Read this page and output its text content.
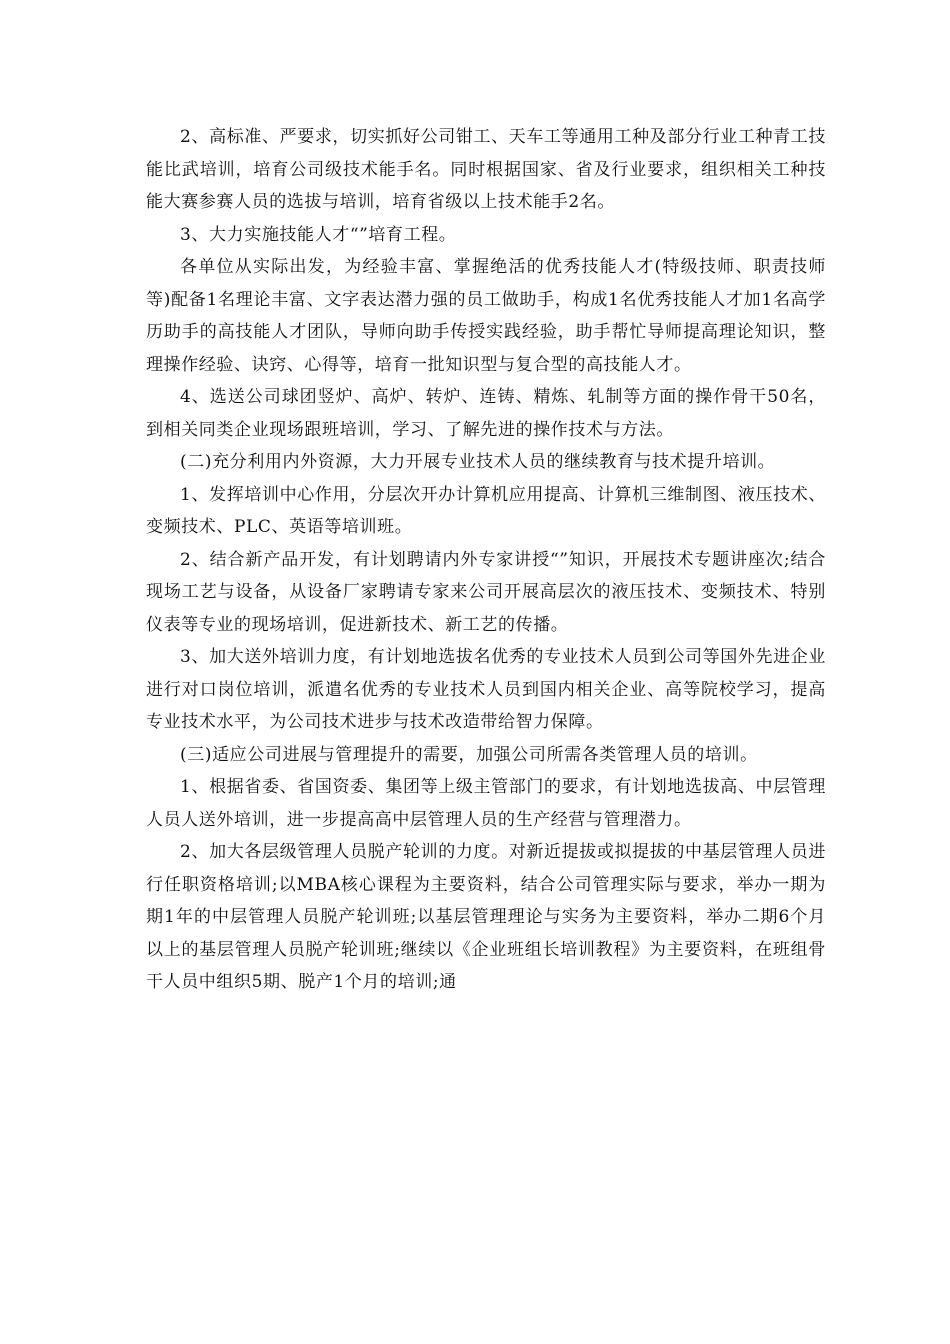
2、高标准、严要求，切实抓好公司钳工、天车工等通用工种及部分行业工种青工技能比武培训，培育公司级技术能手名。同时根据国家、省及行业要求，组织相关工种技能大赛参赛人员的选拔与培训，培育省级以上技术能手2名。

3、大力实施技能人才“”培育工程。

各单位从实际出发，为经验丰富、掌握绝活的优秀技能人才(特级技师、职责技师等)配备1名理论丰富、文字表达潜力强的员工做助手，构成1名优秀技能人才加1名高学历助手的高技能人才团队，导师向助手传授实践经验，助手帮忙导师提高理论知识，整理操作经验、诀窍、心得等，培育一批知识型与复合型的高技能人才。

4、选送公司球团竖炉、高炉、转炉、连铸、精炼、轧制等方面的操作骨干50名，到相关同类企业现场跟班培训，学习、了解先进的操作技术与方法。

(二)充分利用内外资源，大力开展专业技术人员的继续教育与技术提升培训。

1、发挥培训中心作用，分层次开办计算机应用提高、计算机三维制图、液压技术、变频技术、PLC、英语等培训班。

2、结合新产品开发，有计划聘请内外专家讲授“”知识，开展技术专题讲座次;结合现场工艺与设备，从设备厂家聘请专家来公司开展高层次的液压技术、变频技术、特别仪表等专业的现场培训，促进新技术、新工艺的传播。

3、加大送外培训力度，有计划地选拔名优秀的专业技术人员到公司等国外先进企业进行对口岗位培训，派遣名优秀的专业技术人员到国内相关企业、高等院校学习，提高专业技术水平，为公司技术进步与技术改造带给智力保障。

(三)适应公司进展与管理提升的需要，加强公司所需各类管理人员的培训。

1、根据省委、省国资委、集团等上级主管部门的要求，有计划地选拔高、中层管理人员人送外培训，进一步提高高中层管理人员的生产经营与管理潜力。

2、加大各层级管理人员脱产轮训的力度。对新近提拔或拟提拔的中基层管理人员进行任职资格培训;以MBA核心课程为主要资料，结合公司管理实际与要求，举办一期为期1年的中层管理人员脱产轮训班;以基层管理理论与实务为主要资料，举办二期6个月以上的基层管理人员脱产轮训班;继续以《企业班组长培训教程》为主要资料，在班组骨干人员中组织5期、脱产1个月的培训;通
